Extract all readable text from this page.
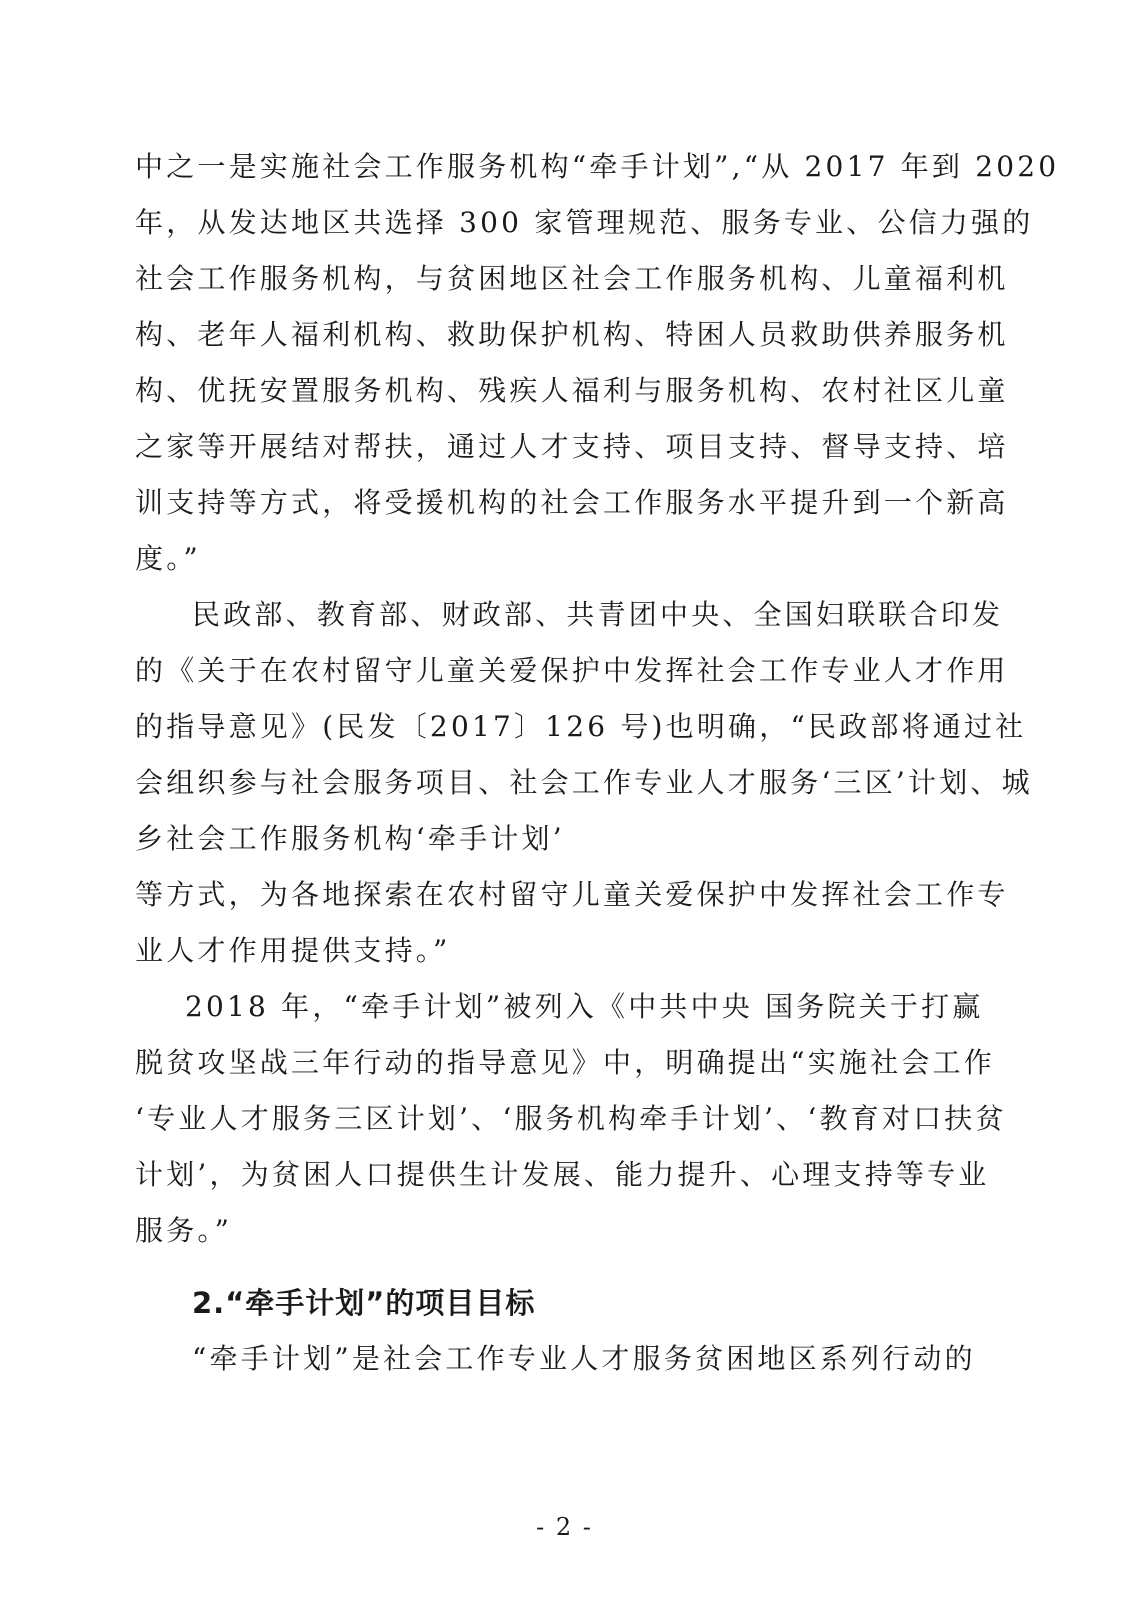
中之一是实施社会工作服务机构“牵手计划”,“从 2017 年到 2020
年，从发达地区共选择 300 家管理规范、服务专业、公信力强的
社会工作服务机构，与贫困地区社会工作服务机构、儿童福利机
构、老年人福利机构、救助保护机构、特困人员救助供养服务机
构、优抚安置服务机构、残疾人福利与服务机构、农村社区儿童
之家等开展结对帮扶，通过人才支持、项目支持、督导支持、培
训支持等方式，将受援机构的社会工作服务水平提升到一个新高
度。”
民政部、教育部、财政部、共青团中央、全国妇联联合印发
的《关于在农村留守儿童关爱保护中发挥社会工作专业人才作用
的指导意见》(民发〔2017〕126 号)也明确，“民政部将通过社
会组织参与社会服务项目、社会工作专业人才服务‘三区’计划、城
乡社会工作服务机构‘牵手计划’
等方式，为各地探索在农村留守儿童关爱保护中发挥社会工作专
业人才作用提供支持。”
2018 年，“牵手计划”被列入《中共中央 国务院关于打赢
脱贫攻坚战三年行动的指导意见》中，明确提出“实施社会工作
‘专业人才服务三区计划’、‘服务机构牵手计划’、‘教育对口扶贫
计划’，为贫困人口提供生计发展、能力提升、心理支持等专业
服务。”
2.“牵手计划”的项目目标
“牵手计划”是社会工作专业人才服务贫困地区系列行动的
- 2 -
